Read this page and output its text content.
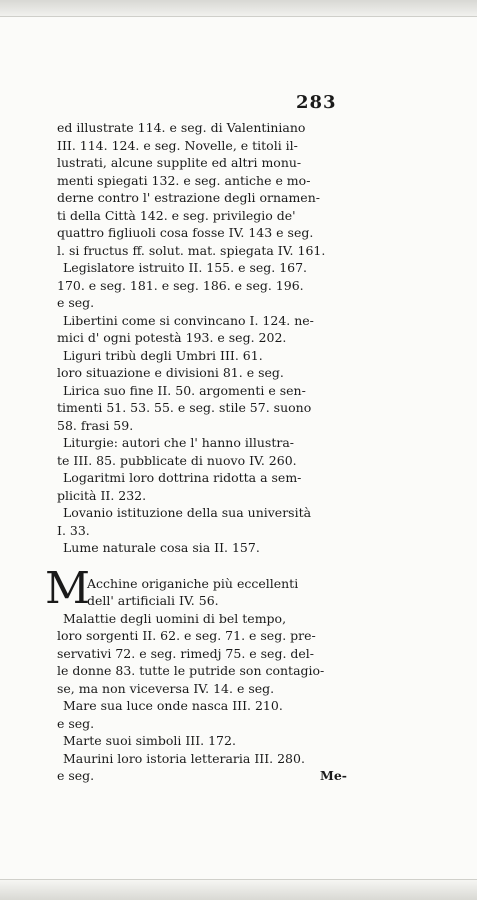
283
ed illustrate 114. e seg. di Valentiniano
III. 114. 124. e seg. Novelle, e titoli il-
lustrati, alcune supplite ed altri monu-
menti spiegati 132. e seg. antiche e mo-
derne contro l' estrazione degli ornamen-
ti della Città 142. e seg. privilegio de'
quattro figliuoli cosa fosse IV. 143 e seg.
l. si fructus ff. solut. mat. spiegata IV. 161.
Legislatore istruito II. 155. e seg. 167.
170. e seg. 181. e seg. 186. e seg. 196.
e seg.
Libertini come si convincano I. 124. ne-
mici d' ogni potestà 193. e seg. 202.
Liguri tribù degli Umbri III. 61.
loro situazione e divisioni 81. e seg.
Lirica suo fine II. 50. argomenti e sen-
timenti 51. 53. 55. e seg. stile 57. suono
58. frasi 59.
Liturgie: autori che l' hanno illustra-
te III. 85. pubblicate di nuovo IV. 260.
Logaritmi loro dottrina ridotta a sem-
plicità II. 232.
Lovanio istituzione della sua università
I. 33.
Lume naturale cosa sia II. 157.
M
Acchine origaniche più eccellenti
dell' artificiali IV. 56.
Malattie degli uomini di bel tempo,
loro sorgenti II. 62. e seg. 71. e seg. pre-
servativi 72. e seg. rimedj 75. e seg. del-
le donne 83. tutte le putride son contagio-
se, ma non viceversa IV. 14. e seg.
Mare sua luce onde nasca III. 210.
e seg.
Marte suoi simboli III. 172.
Maurini loro istoria letteraria III. 280.
e seg.	Me-
